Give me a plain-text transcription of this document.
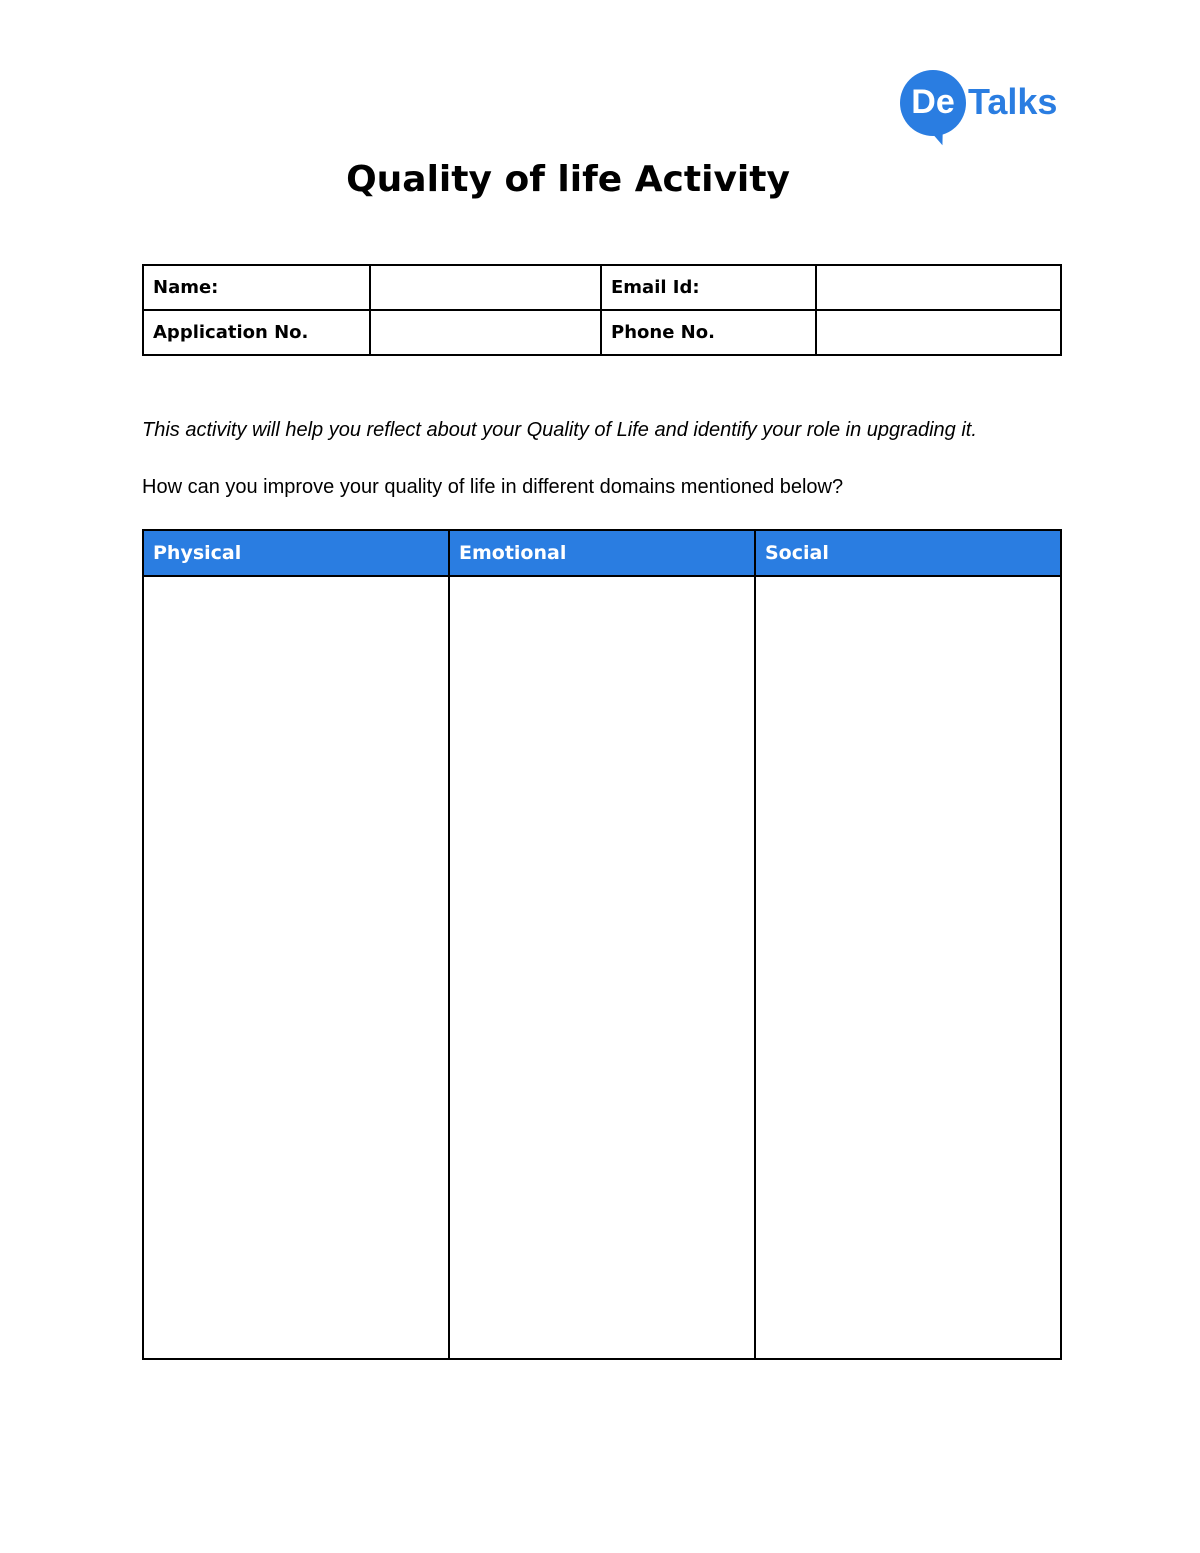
De Talks
Quality of life Activity
Name:		Email Id:	
Application No.		Phone No.	
This activity will help you reflect about your Quality of Life and identify your role in upgrading it.
How can you improve your quality of life in different domains mentioned below?
Physical	Emotional	Social
